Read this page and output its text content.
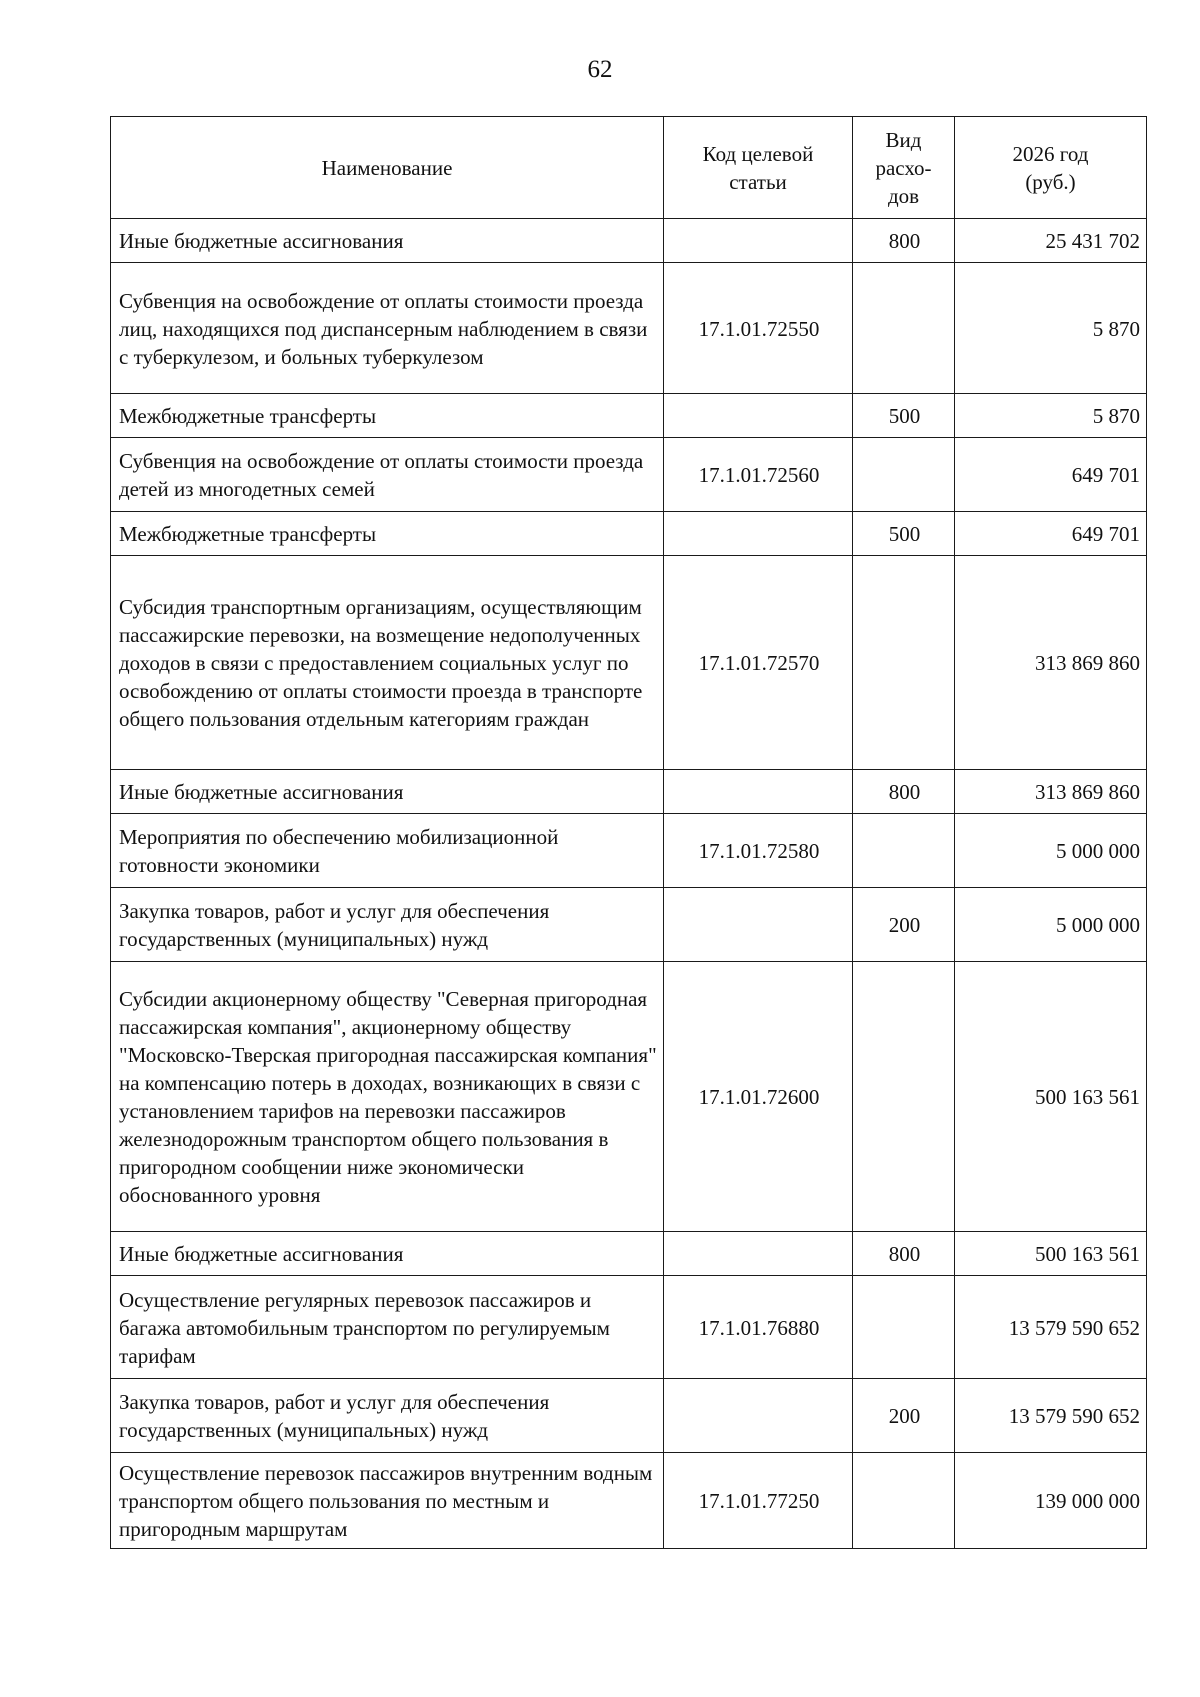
62
Наименование	Код целевой статьи	Вид расхо-дов	2026 год (руб.)
Иные бюджетные ассигнования		800	25 431 702
Субвенция на освобождение от оплаты стоимости проезда лиц, находящихся под диспансерным наблюдением в связи с туберкулезом, и больных туберкулезом	17.1.01.72550		5 870
Межбюджетные трансферты		500	5 870
Субвенция на освобождение от оплаты стоимости проезда детей из многодетных семей	17.1.01.72560		649 701
Межбюджетные трансферты		500	649 701
Субсидия транспортным организациям, осуществляющим пассажирские перевозки, на возмещение недополученных доходов в связи с предоставлением социальных услуг по освобождению от оплаты стоимости проезда в транспорте общего пользования отдельным категориям граждан	17.1.01.72570		313 869 860
Иные бюджетные ассигнования		800	313 869 860
Мероприятия по обеспечению мобилизационной готовности экономики	17.1.01.72580		5 000 000
Закупка товаров, работ и услуг для обеспечения государственных (муниципальных) нужд		200	5 000 000
Субсидии акционерному обществу "Северная пригородная пассажирская компания", акционерному обществу "Московско-Тверская пригородная пассажирская компания" на компенсацию потерь в доходах, возникающих в связи с установлением тарифов на перевозки пассажиров железнодорожным транспортом общего пользования в пригородном сообщении ниже экономически обоснованного уровня	17.1.01.72600		500 163 561
Иные бюджетные ассигнования		800	500 163 561
Осуществление регулярных перевозок пассажиров и багажа автомобильным транспортом по регулируемым тарифам	17.1.01.76880		13 579 590 652
Закупка товаров, работ и услуг для обеспечения государственных (муниципальных) нужд		200	13 579 590 652
Осуществление перевозок пассажиров внутренним водным транспортом общего пользования по местным и пригородным маршрутам	17.1.01.77250		139 000 000
